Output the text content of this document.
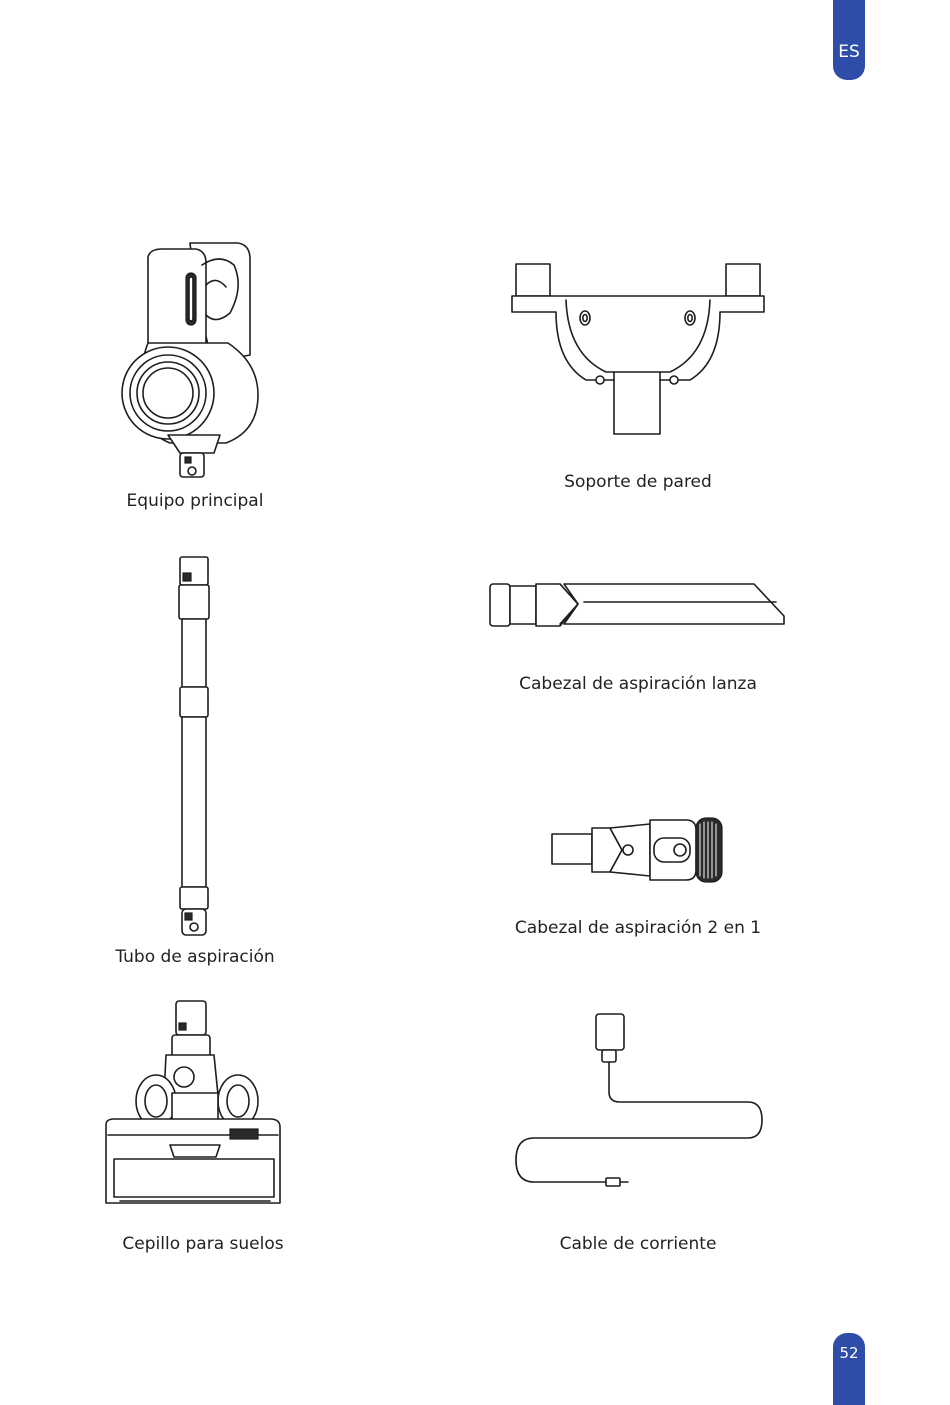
ES
Equipo principal
Soporte de pared
Tubo de aspiración
Cabezal de aspiración lanza
Cabezal de aspiración 2 en 1
Cepillo para suelos	Cable de corriente
52
